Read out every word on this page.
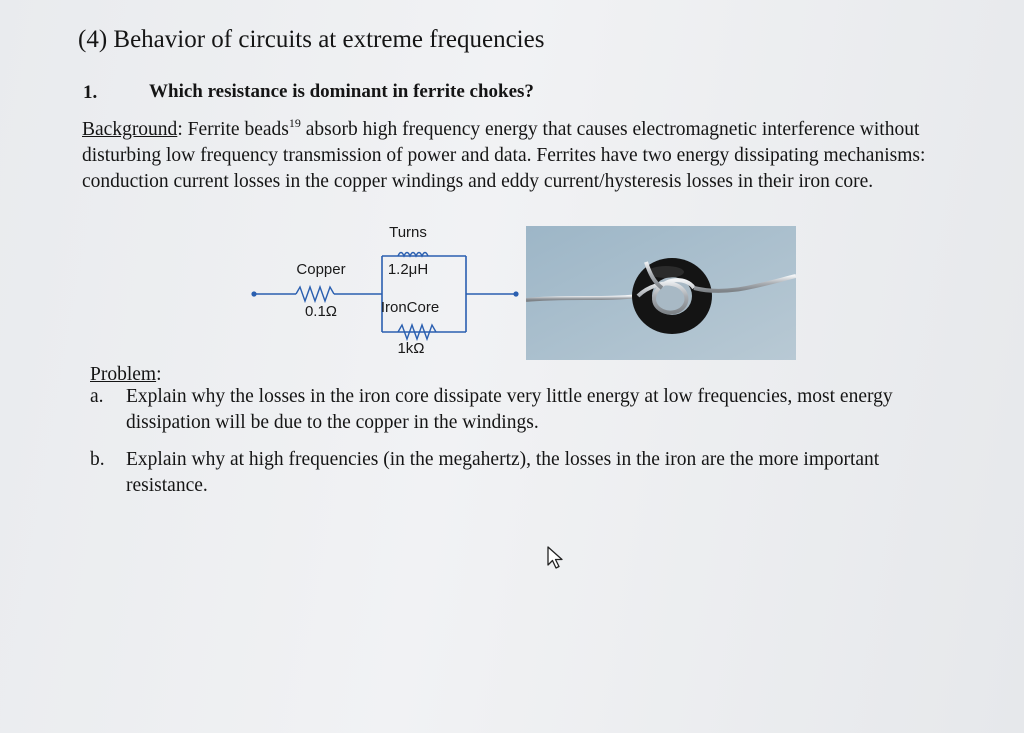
(4) Behavior of circuits at extreme frequencies
1.	Which resistance is dominant in ferrite chokes?
Background: Ferrite beads$^{19}$ absorb high frequency energy that causes electromagnetic interference without disturbing low frequency transmission of power and data. Ferrites have two energy dissipating mechanisms: conduction current losses in the copper windings and eddy current/hysteresis losses in their iron core.
Turns
1.2μH
Copper
0.1Ω	IronCore
1kΩ
Problem:
a. Explain why the losses in the iron core dissipate very little energy at low frequencies, most energy dissipation will be due to the copper in the windings.
b. Explain why at high frequencies (in the megahertz), the losses in the iron are the more important resistance.
